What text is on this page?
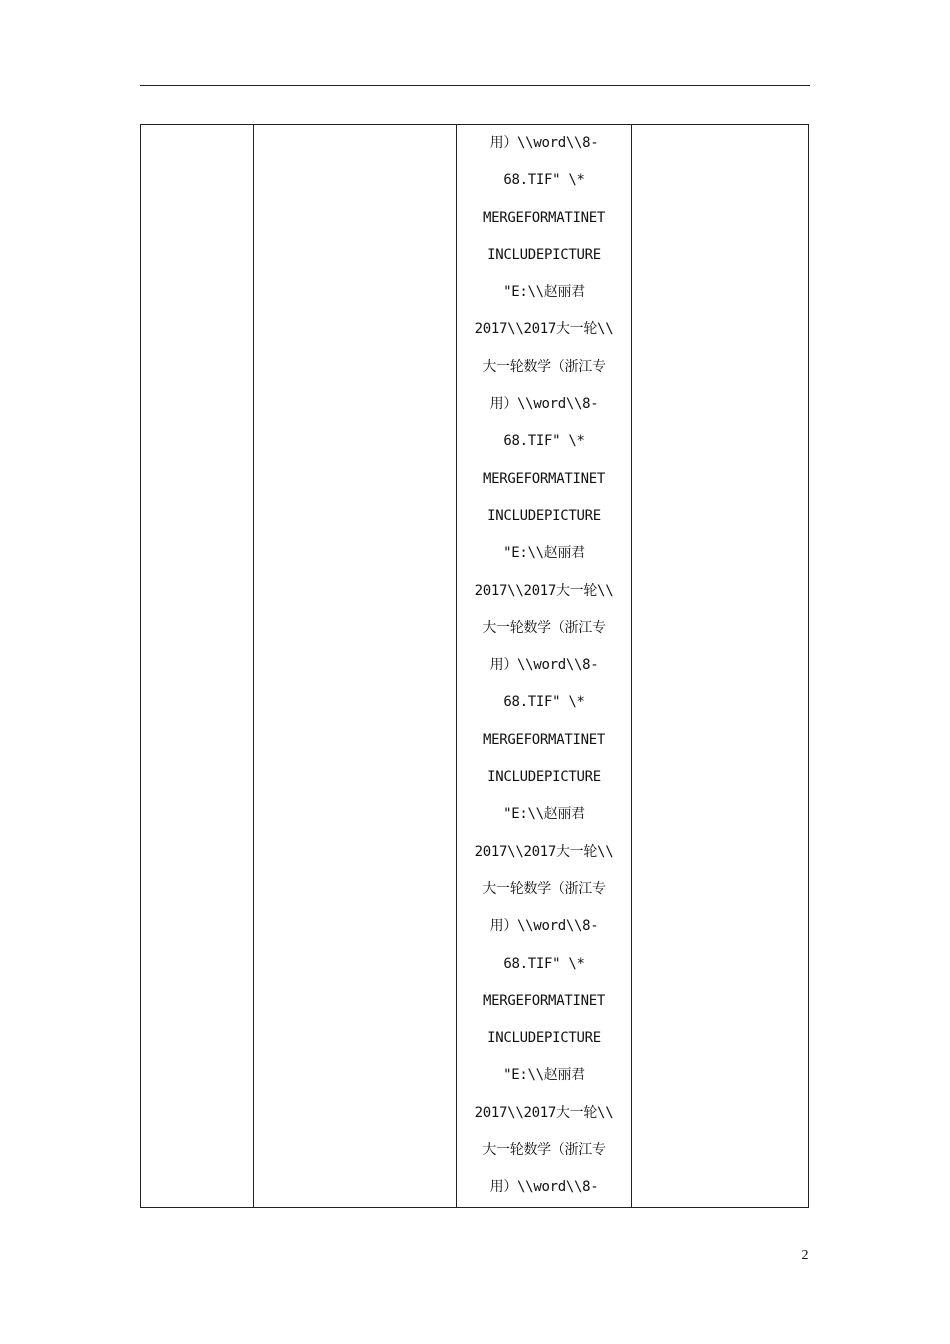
用）\\word\\8-
68.TIF" \*
MERGEFORMATINET
INCLUDEPICTURE
"E:\\赵丽君
2017\\2017大一轮\\
大一轮数学（浙江专
用）\\word\\8-
68.TIF" \*
MERGEFORMATINET
INCLUDEPICTURE
"E:\\赵丽君
2017\\2017大一轮\\
大一轮数学（浙江专
用）\\word\\8-
68.TIF" \*
MERGEFORMATINET
INCLUDEPICTURE
"E:\\赵丽君
2017\\2017大一轮\\
大一轮数学（浙江专
用）\\word\\8-
68.TIF" \*
MERGEFORMATINET
INCLUDEPICTURE
"E:\\赵丽君
2017\\2017大一轮\\
大一轮数学（浙江专
用）\\word\\8-

2
